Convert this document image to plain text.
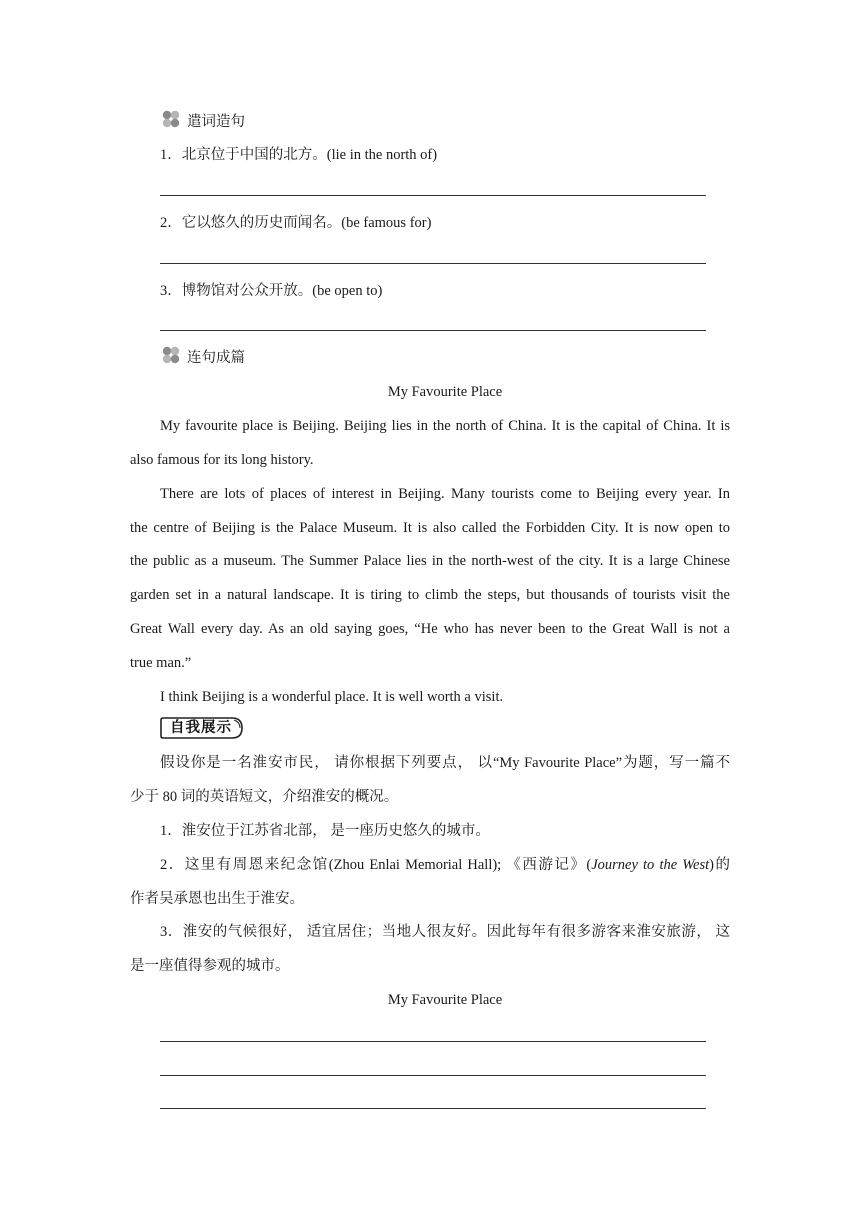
遣词造句
1．北京位于中国的北方。(lie in the north of)
2．它以悠久的历史而闻名。(be famous for)
3．博物馆对公众开放。(be open to)
连句成篇
My Favourite Place
My favourite place is Beijing. Beijing lies in the north of China. It is the capital of China. It is
also famous for its long history.
There are lots of places of interest in Beijing. Many tourists come to Beijing every year. In
the centre of Beijing is the Palace Museum. It is also called the Forbidden City. It is now open to
the public as a museum. The Summer Palace lies in the north-west of the city. It is a large Chinese
garden set in a natural landscape. It is tiring to climb the steps, but thousands of tourists visit the
Great Wall every day. As an old saying goes, “He who has never been to the Great Wall is not a
true man.”
I think Beijing is a wonderful place. It is well worth a visit.
自我展示
假设你是一名淮安市民， 请你根据下列要点， 以“My Favourite Place”为题，写一篇不
少于 80 词的英语短文，介绍淮安的概况。
1．淮安位于江苏省北部， 是一座历史悠久的城市。
2．这里有周恩来纪念馆(Zhou Enlai Memorial Hall); 《西游记》(Journey to the West)的
作者吴承恩也出生于淮安。
3．淮安的气候很好， 适宜居住；当地人很友好。因此每年有很多游客来淮安旅游， 这
是一座值得参观的城市。
My Favourite Place
